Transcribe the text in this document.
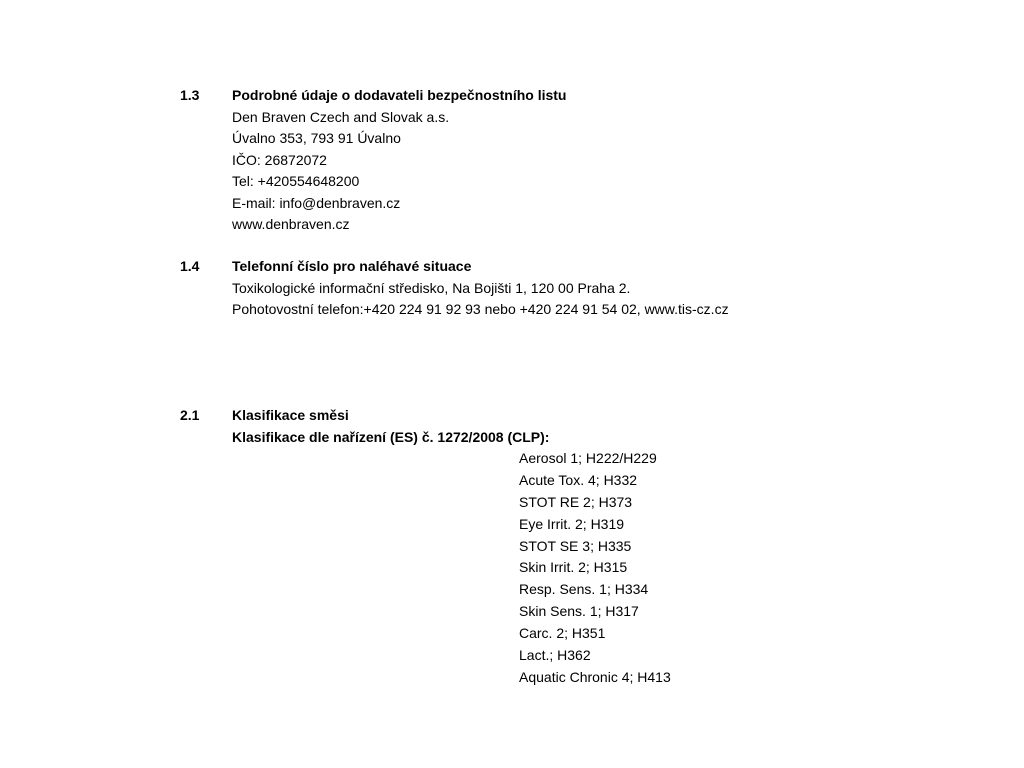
1.3 Podrobné údaje o dodavateli bezpečnostního listu
Den Braven Czech and Slovak a.s.
Úvalno 353, 793 91 Úvalno
IČO: 26872072
Tel: +420554648200
E-mail: info@denbraven.cz
www.denbraven.cz
1.4 Telefonní číslo pro naléhavé situace
Toxikologické informační středisko, Na Bojišti 1, 120 00 Praha 2.
Pohotovostní telefon:+420 224 91 92 93 nebo +420 224 91 54 02, www.tis-cz.cz
2.1 Klasifikace směsi
Klasifikace dle nařízení (ES) č. 1272/2008 (CLP):
Aerosol 1; H222/H229
Acute Tox. 4; H332
STOT RE 2; H373
Eye Irrit. 2; H319
STOT SE 3; H335
Skin Irrit. 2; H315
Resp. Sens. 1; H334
Skin Sens. 1; H317
Carc. 2; H351
Lact.; H362
Aquatic Chronic 4; H413
